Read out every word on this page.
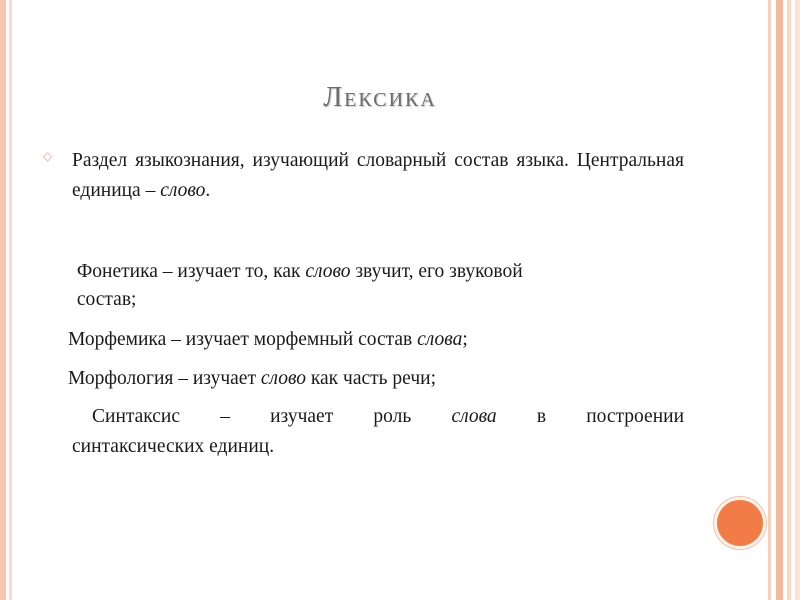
Лексика
◇ Раздел языкознания, изучающий словарный состав языка. Центральная единица – слово.
Фонетика – изучает то, как слово звучит, его звуковой
состав;
Морфемика – изучает морфемный состав слова;
Морфология – изучает слово как часть речи;
Синтаксис – изучает роль слова в построении
синтаксических единиц.
